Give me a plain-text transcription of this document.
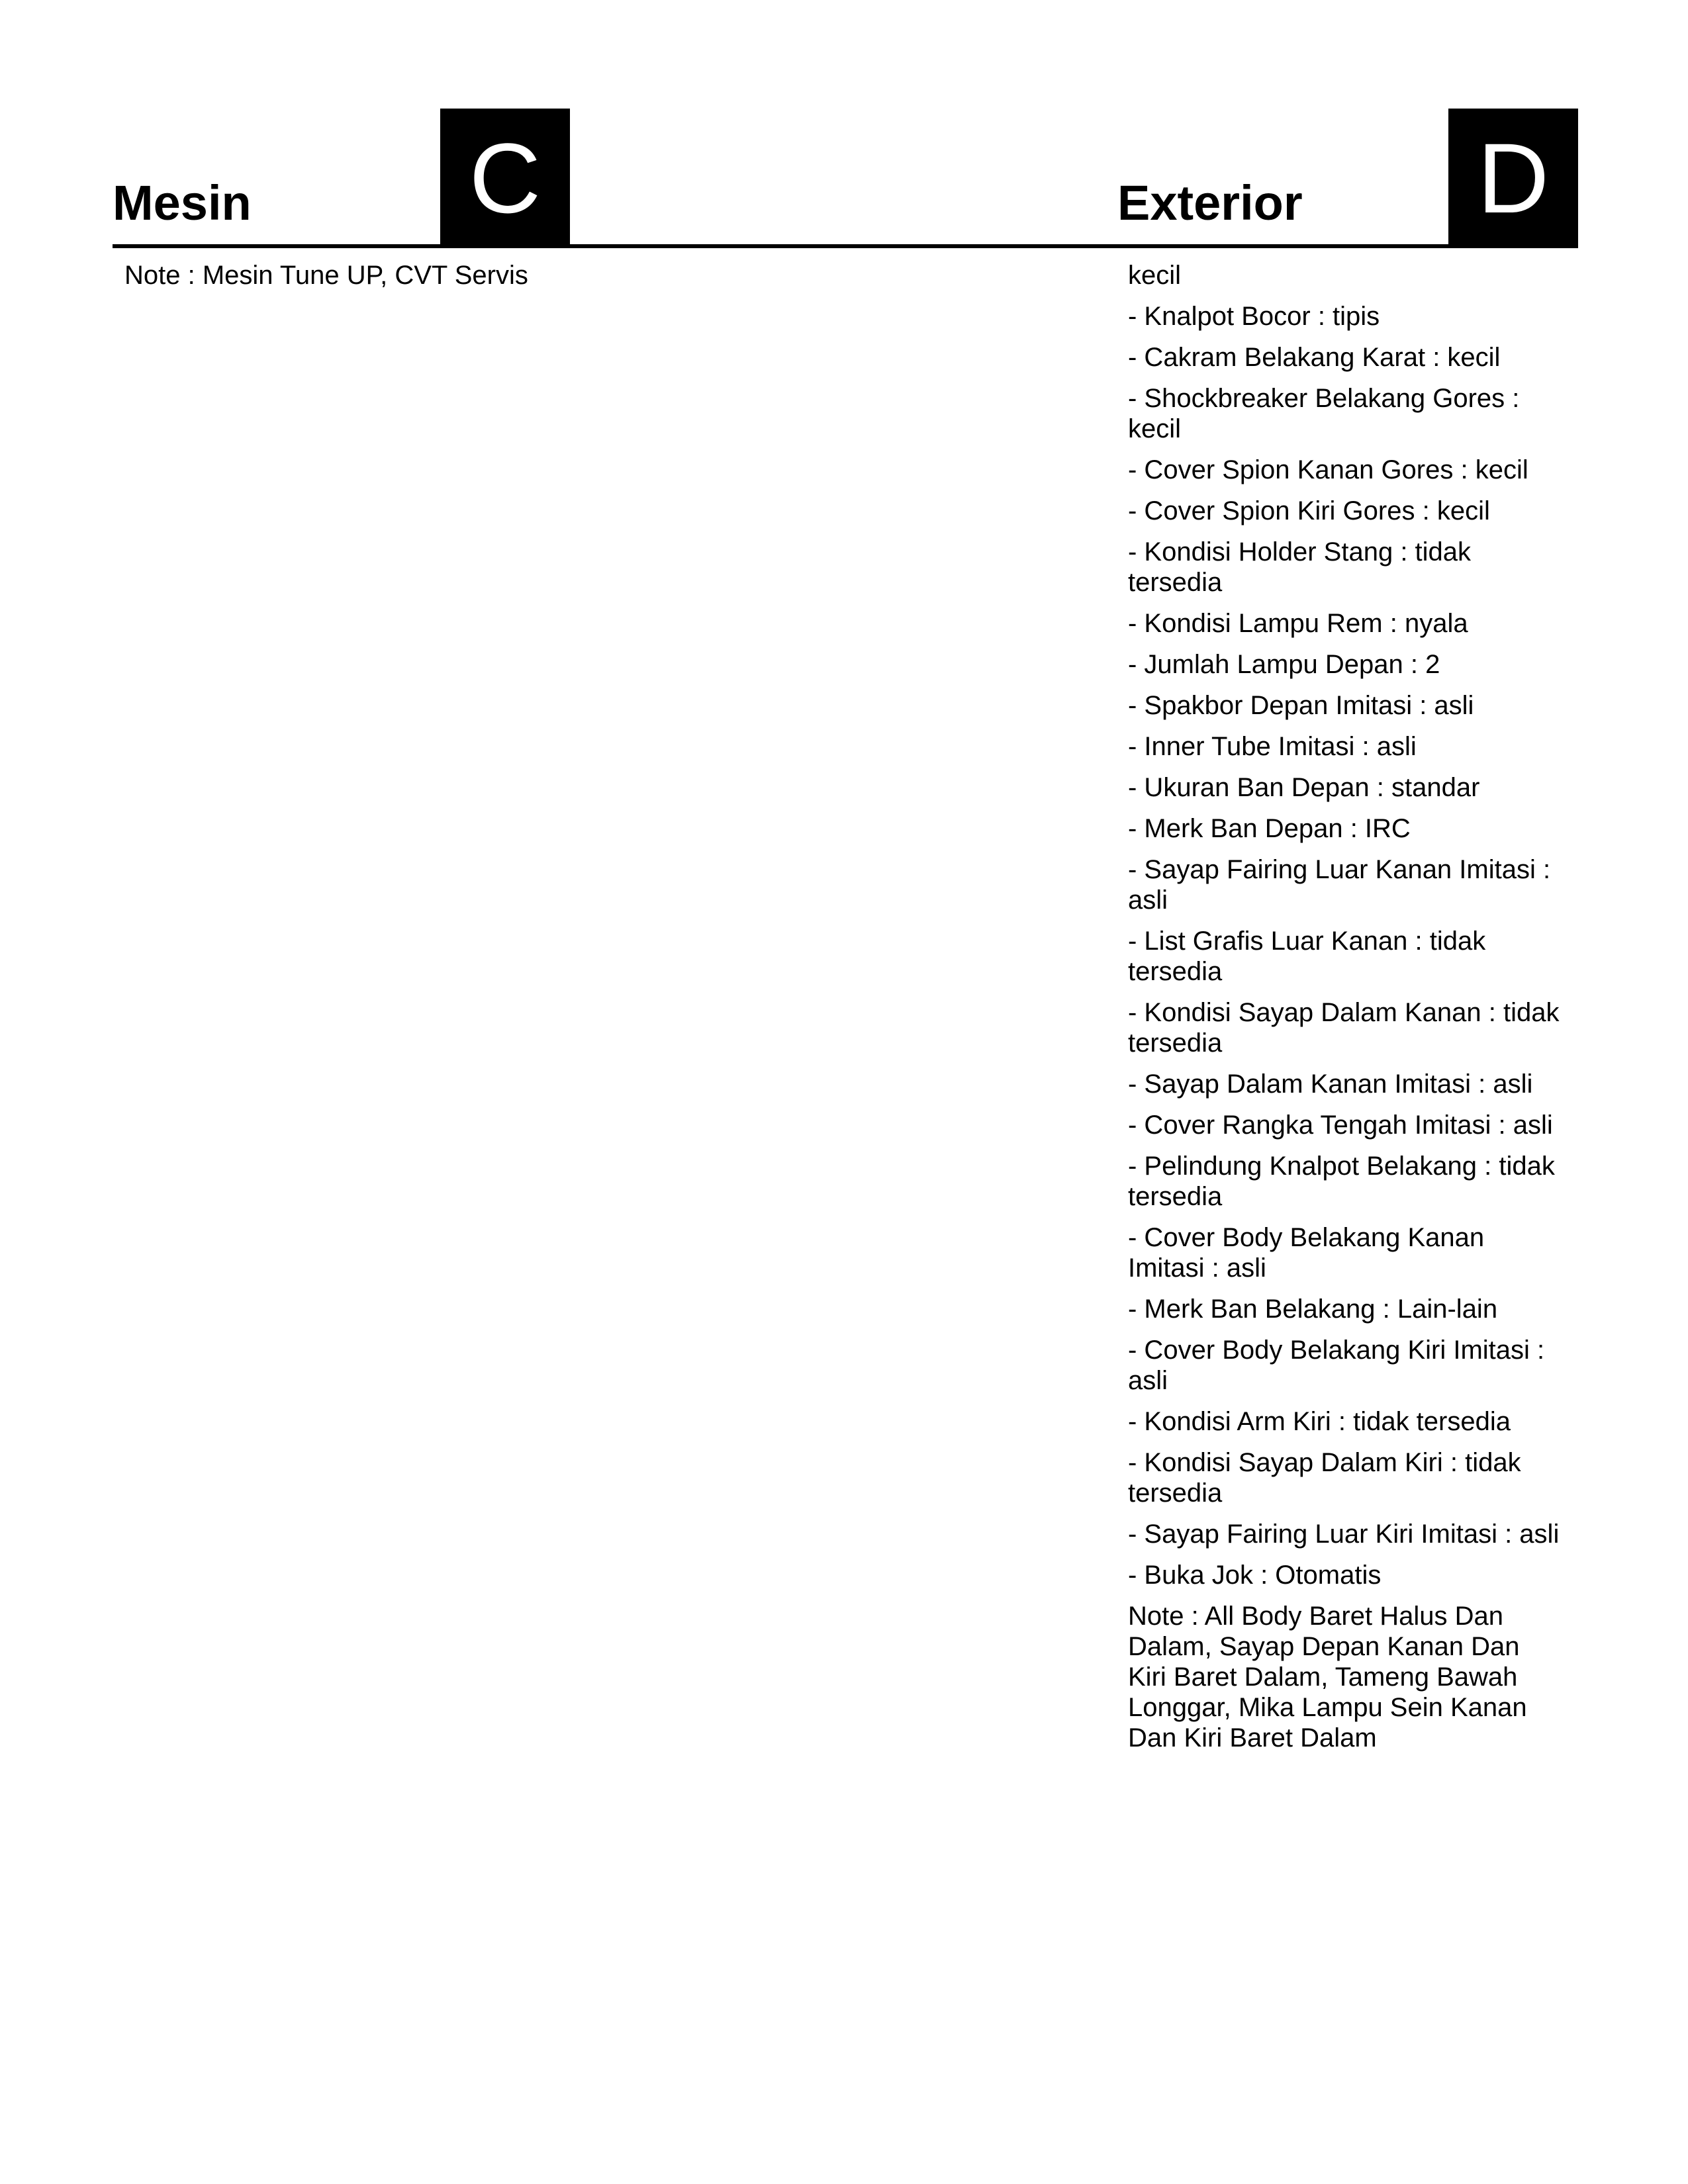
Mesin C	Exterior D

Note : Mesin Tune UP, CVT Servis	kecil

- Knalpot Bocor : tipis
- Cakram Belakang Karat : kecil
- Shockbreaker Belakang Gores : kecil
- Cover Spion Kanan Gores : kecil
- Cover Spion Kiri Gores : kecil
- Kondisi Holder Stang : tidak tersedia
- Kondisi Lampu Rem : nyala
- Jumlah Lampu Depan : 2
- Spakbor Depan Imitasi : asli
- Inner Tube Imitasi : asli
- Ukuran Ban Depan : standar
- Merk Ban Depan : IRC
- Sayap Fairing Luar Kanan Imitasi : asli
- List Grafis Luar Kanan : tidak tersedia
- Kondisi Sayap Dalam Kanan : tidak tersedia
- Sayap Dalam Kanan Imitasi : asli
- Cover Rangka Tengah Imitasi : asli
- Pelindung Knalpot Belakang : tidak tersedia
- Cover Body Belakang Kanan Imitasi : asli
- Merk Ban Belakang : Lain-lain
- Cover Body Belakang Kiri Imitasi : asli
- Kondisi Arm Kiri : tidak tersedia
- Kondisi Sayap Dalam Kiri : tidak tersedia
- Sayap Fairing Luar Kiri Imitasi : asli
- Buka Jok : Otomatis

Note : All Body Baret Halus Dan Dalam, Sayap Depan Kanan Dan Kiri Baret Dalam, Tameng Bawah Longgar, Mika Lampu Sein Kanan Dan Kiri Baret Dalam
